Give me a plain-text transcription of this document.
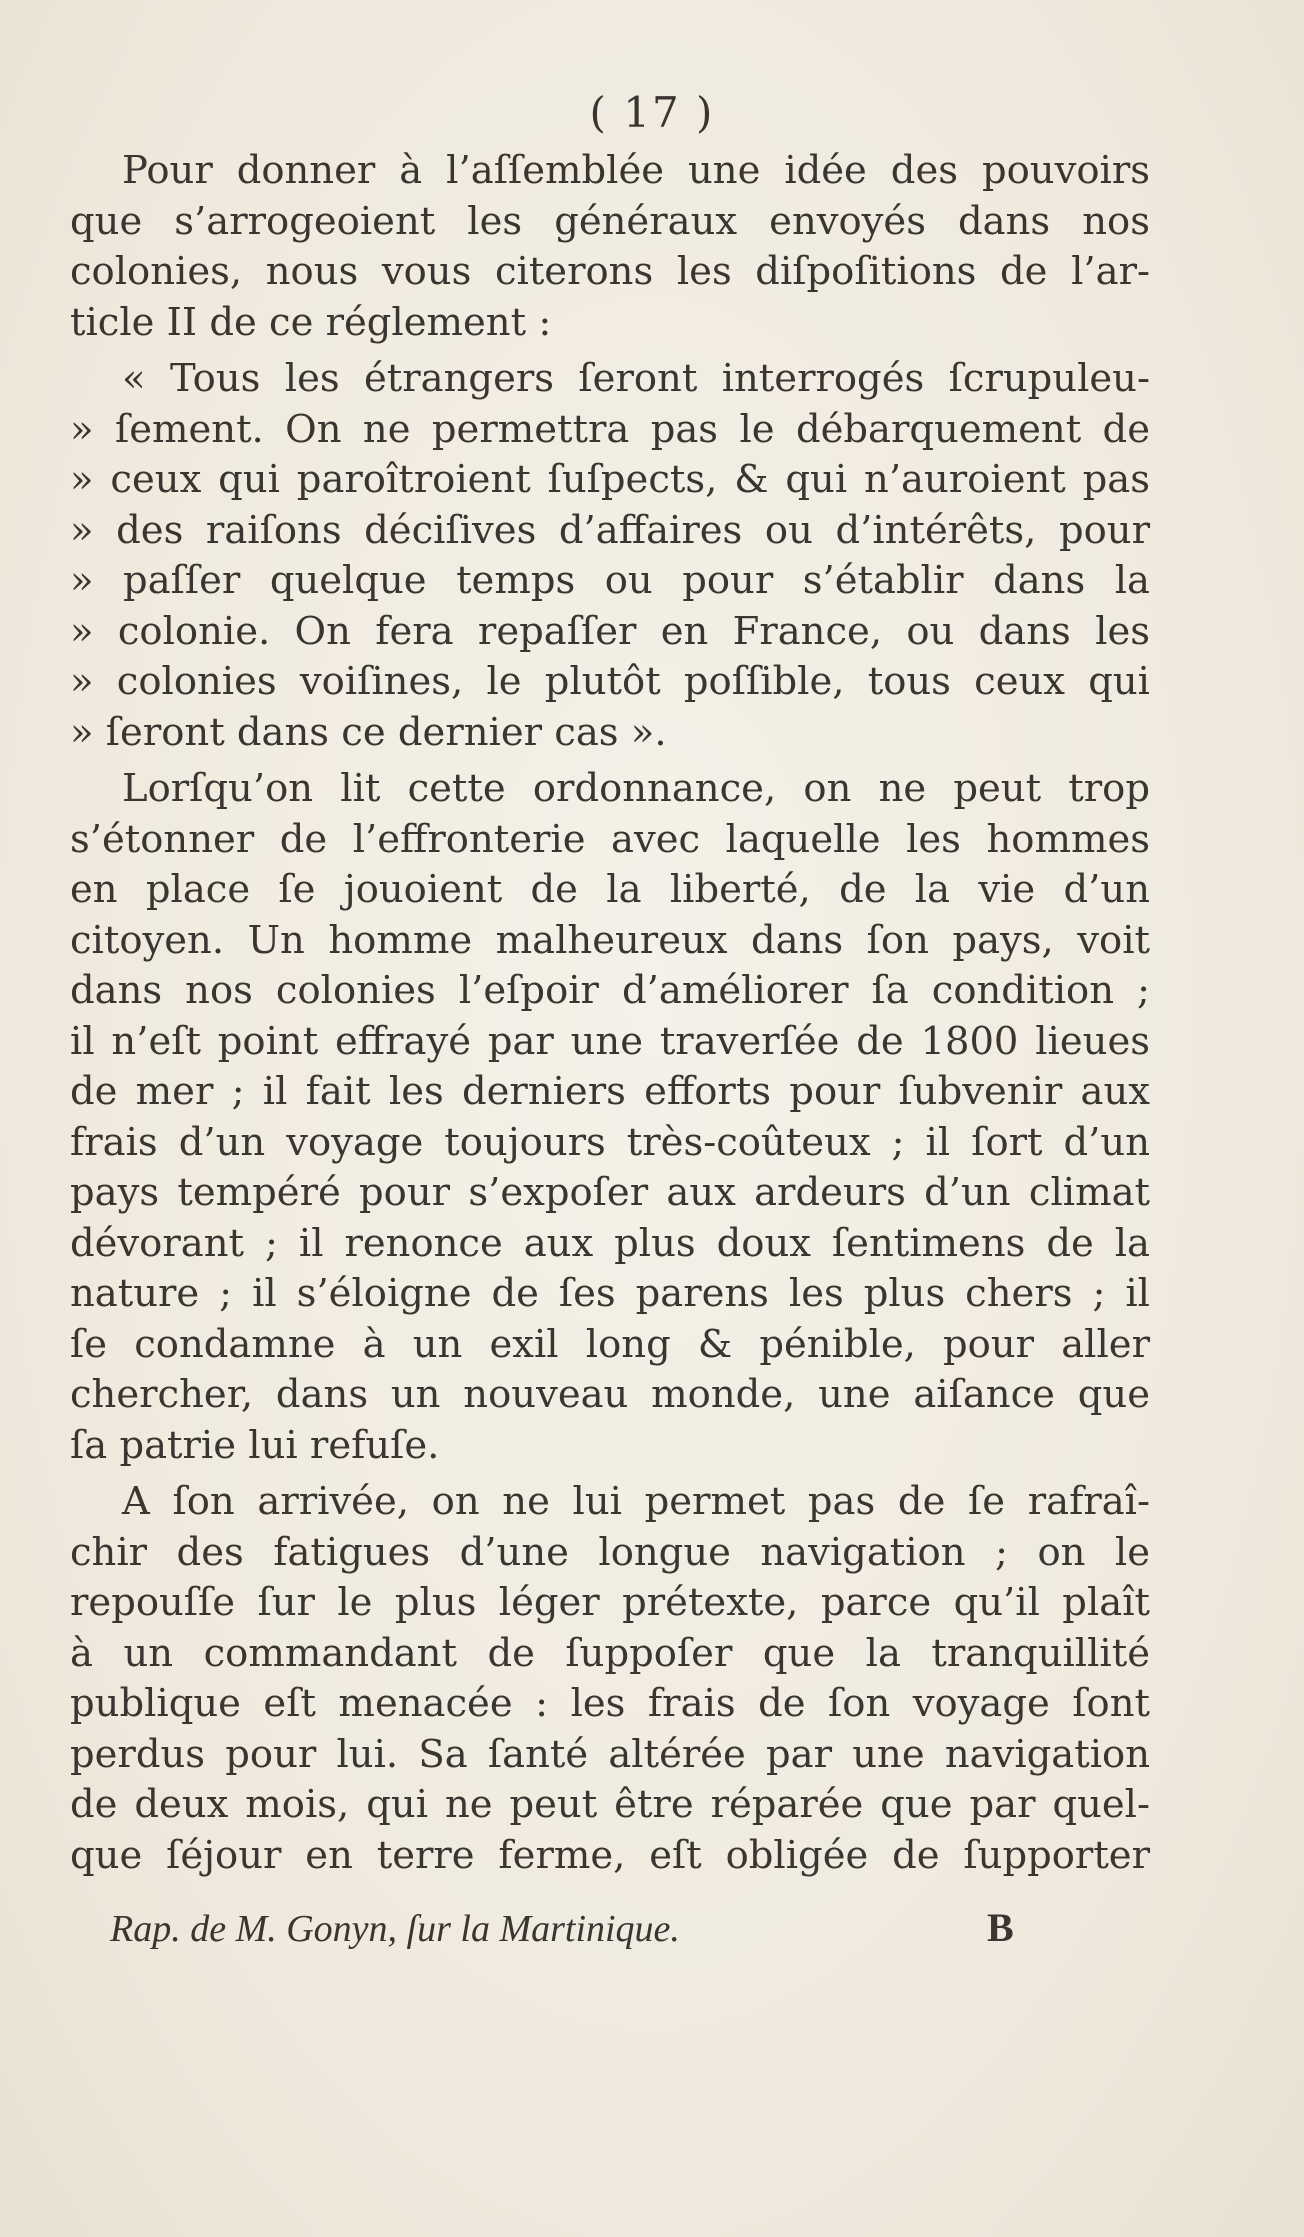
( 17 )
Pour donner à l’aſſemblée une idée des pouvoirs
que s’arrogeoient les généraux envoyés dans nos
colonies, nous vous citerons les diſpoſitions de l’ar-
ticle II de ce réglement :
« Tous les étrangers ſeront interrogés ſcrupuleu-
» ſement. On ne permettra pas le débarquement de
» ceux qui paroîtroient ſuſpects, & qui n’auroient pas
» des raiſons déciſives d’affaires ou d’intérêts, pour
» paſſer quelque temps ou pour s’établir dans la
» colonie. On fera repaſſer en France, ou dans les
» colonies voiſines, le plutôt poſſible, tous ceux qui
» ſeront dans ce dernier cas ».
Lorſqu’on lit cette ordonnance, on ne peut trop
s’étonner de l’effronterie avec laquelle les hommes
en place ſe jouoient de la liberté, de la vie d’un
citoyen. Un homme malheureux dans ſon pays, voit
dans nos colonies l’eſpoir d’améliorer ſa condition ;
il n’eſt point effrayé par une traverſée de 1800 lieues
de mer ; il fait les derniers efforts pour ſubvenir aux
frais d’un voyage toujours très-coûteux ; il ſort d’un
pays tempéré pour s’expoſer aux ardeurs d’un climat
dévorant ; il renonce aux plus doux ſentimens de la
nature ; il s’éloigne de ſes parens les plus chers ; il
ſe condamne à un exil long & pénible, pour aller
chercher, dans un nouveau monde, une aiſance que
ſa patrie lui refuſe.
A ſon arrivée, on ne lui permet pas de ſe rafraî-
chir des fatigues d’une longue navigation ; on le
repouſſe ſur le plus léger prétexte, parce qu’il plaît
à un commandant de ſuppoſer que la tranquillité
publique eſt menacée : les frais de ſon voyage ſont
perdus pour lui. Sa ſanté altérée par une navigation
de deux mois, qui ne peut être réparée que par quel-
que ſéjour en terre ferme, eſt obligée de ſupporter
Rap. de M. Gonyn, ſur la Martinique.	B
